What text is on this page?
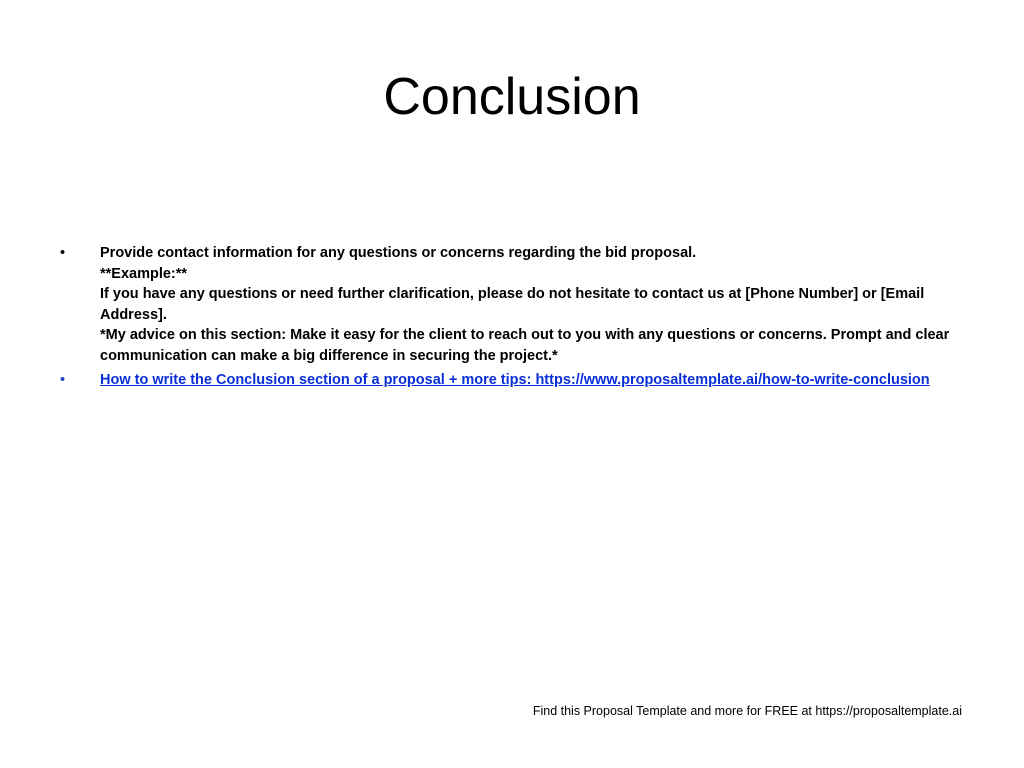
Conclusion
•	Provide contact information for any questions or concerns regarding the bid proposal.
**Example:**
If you have any questions or need further clarification, please do not hesitate to contact us at [Phone Number] or [Email Address].
*My advice on this section: Make it easy for the client to reach out to you with any questions or concerns. Prompt and clear communication can make a big difference in securing the project.*
•	How to write the Conclusion section of a proposal + more tips: https://www.proposaltemplate.ai/how-to-write-conclusion
Find this Proposal Template and more for FREE at https://proposaltemplate.ai
